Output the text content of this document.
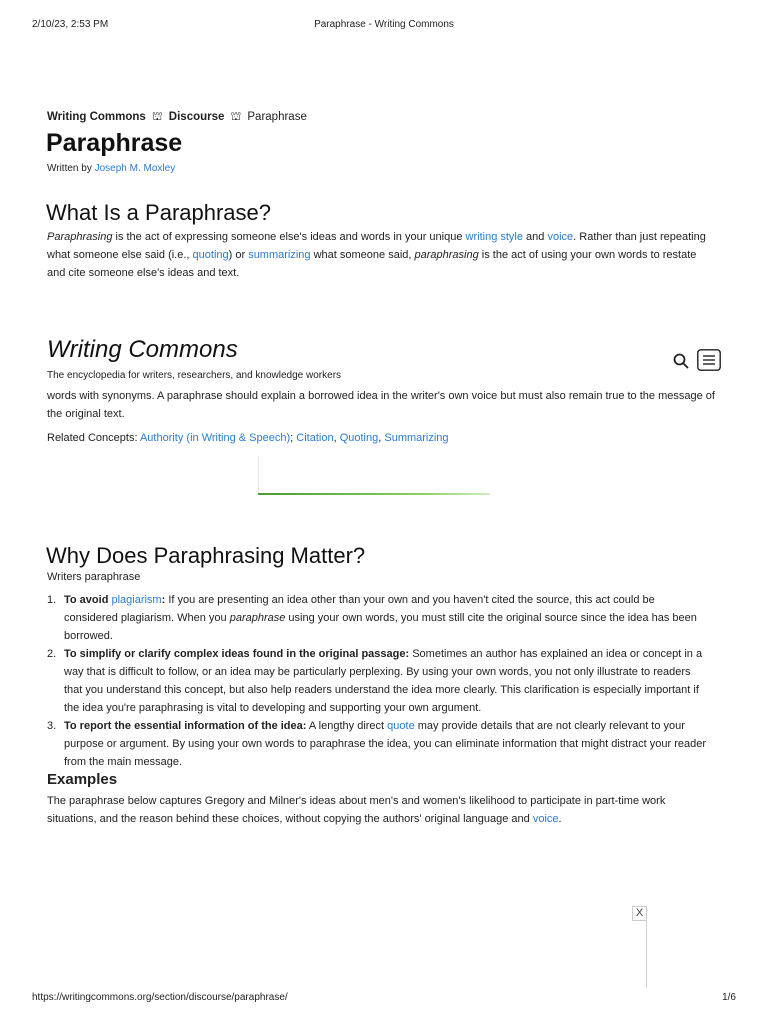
2/10/23, 2:53 PM	Paraphrase - Writing Commons
Writing Commons ⛫ Discourse ⛫ Paraphrase
Paraphrase
Written by Joseph M. Moxley
What Is a Paraphrase?
Paraphrasing is the act of expressing someone else's ideas and words in your unique writing style and voice. Rather than just repeating what someone else said (i.e., quoting) or summarizing what someone said, paraphrasing is the act of using your own words to restate and cite someone else's ideas and text.
Writing Commons
The encyclopedia for writers, researchers, and knowledge workers
words with synonyms. A paraphrase should explain a borrowed idea in the writer's own voice but must also remain true to the message of the original text.
Related Concepts: Authority (in Writing & Speech); Citation, Quoting, Summarizing
Why Does Paraphrasing Matter?
Writers paraphrase
1. To avoid plagiarism: If you are presenting an idea other than your own and you haven't cited the source, this act could be considered plagiarism. When you paraphrase using your own words, you must still cite the original source since the idea has been borrowed.
2. To simplify or clarify complex ideas found in the original passage: Sometimes an author has explained an idea or concept in a way that is difficult to follow, or an idea may be particularly perplexing. By using your own words, you not only illustrate to readers that you understand this concept, but also help readers understand the idea more clearly. This clarification is especially important if the idea you're paraphrasing is vital to developing and supporting your own argument.
3. To report the essential information of the idea: A lengthy direct quote may provide details that are not clearly relevant to your purpose or argument. By using your own words to paraphrase the idea, you can eliminate information that might distract your reader from the main message.
Examples
The paraphrase below captures Gregory and Milner's ideas about men's and women's likelihood to participate in part-time work situations, and the reason behind these choices, without copying the authors' original language and voice.
X
https://writingcommons.org/section/discourse/paraphrase/	1/6
